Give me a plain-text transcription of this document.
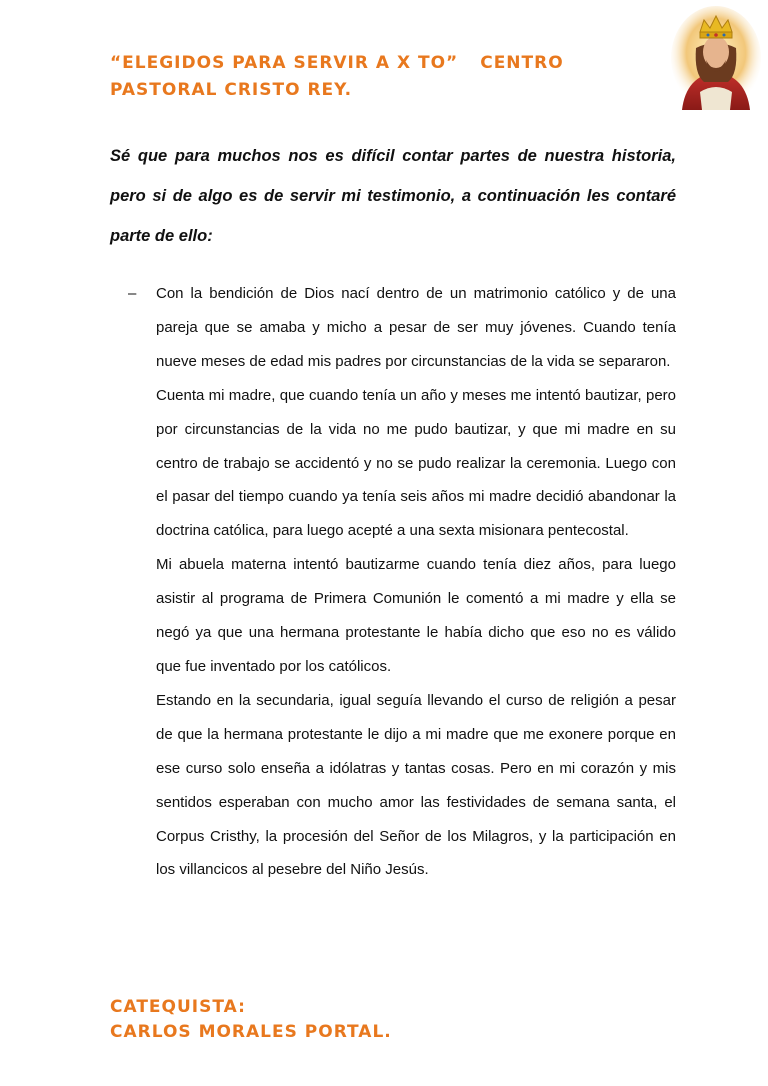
“ELEGIDOS PARA SERVIR A X TO” CENTRO
PASTORAL CRISTO REY.
Sé que para muchos nos es difícil contar partes de nuestra historia, pero si de algo es de servir mi testimonio, a continuación les contaré parte de ello:
– Con la bendición de Dios nací dentro de un matrimonio católico y de una pareja que se amaba y micho a pesar de ser muy jóvenes. Cuando tenía nueve meses de edad mis padres por circunstancias de la vida se separaron.

Cuenta mi madre, que cuando tenía un año y meses me intentó bautizar, pero por circunstancias de la vida no me pudo bautizar, y que mi madre en su centro de trabajo se accidentó y no se pudo realizar la ceremonia. Luego con el pasar del tiempo cuando ya tenía seis años mi madre decidió abandonar la doctrina católica, para luego acepté a una sexta misionara pentecostal.

Mi abuela materna intentó bautizarme cuando tenía diez años, para luego asistir al programa de Primera Comunión le comentó a mi madre y ella se negó ya que una hermana protestante le había dicho que eso no es válido que fue inventado por los católicos.

Estando en la secundaria, igual seguía llevando el curso de religión a pesar de que la hermana protestante le dijo a mi madre que me exonere porque en ese curso solo enseña a idólatras y tantas cosas. Pero en mi corazón y mis sentidos esperaban con mucho amor las festividades de semana santa, el Corpus Cristhy, la procesión del Señor de los Milagros, y la participación en los villancicos al pesebre del Niño Jesús.

CATEQUISTA:
CARLOS MORALES PORTAL.
